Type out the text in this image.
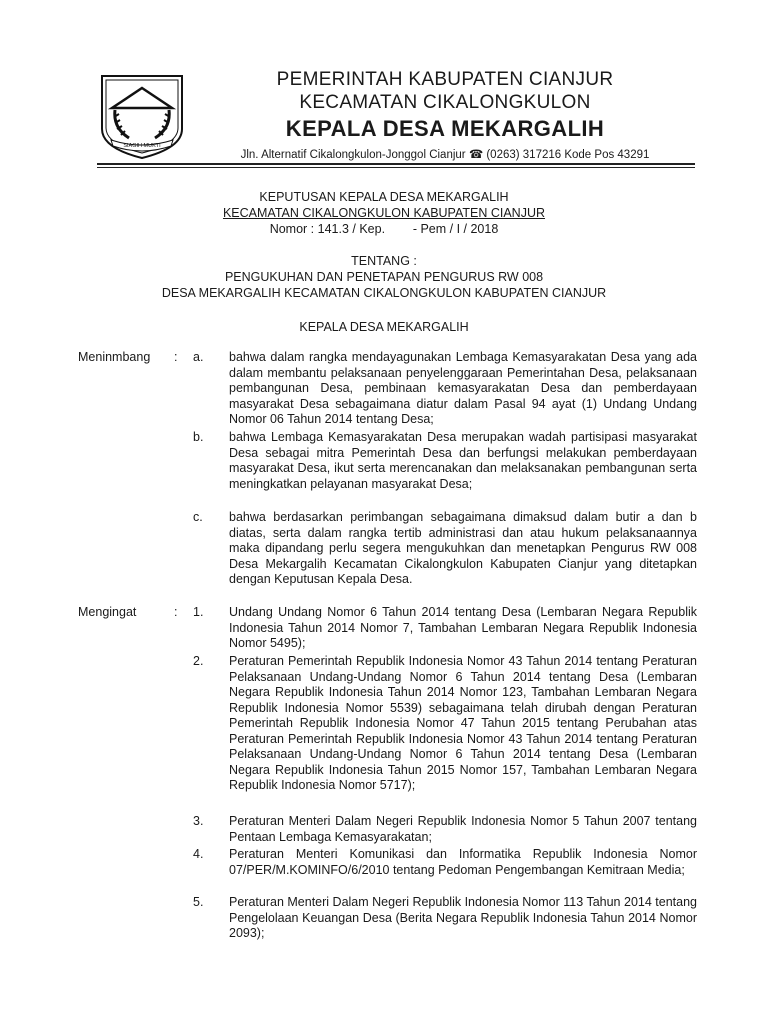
SIAGIH MUKTI
PEMERINTAH KABUPATEN CIANJUR
KECAMATAN CIKALONGKULON
KEPALA DESA MEKARGALIH
Jln. Alternatif Cikalongkulon-Jonggol Cianjur ☎ (0263) 317216 Kode Pos 43291
KEPUTUSAN KEPALA DESA MEKARGALIH
KECAMATAN CIKALONGKULON KABUPATEN CIANJUR
Nomor : 141.3 / Kep.        - Pem / I / 2018
TENTANG :
PENGUKUHAN DAN PENETAPAN PENGURUS RW 008
DESA MEKARGALIH KECAMATAN CIKALONGKULON KABUPATEN CIANJUR
KEPALA DESA MEKARGALIH
Meninmbang : a. bahwa dalam rangka mendayagunakan Lembaga Kemasyarakatan Desa yang ada dalam membantu pelaksanaan penyelenggaraan Pemerintahan Desa, pelaksanaan pembangunan Desa, pembinaan kemasyarakatan Desa dan pemberdayaan masyarakat Desa sebagaimana diatur dalam Pasal 94 ayat (1) Undang Undang Nomor 06 Tahun 2014 tentang Desa;
b. bahwa Lembaga Kemasyarakatan Desa merupakan wadah partisipasi masyarakat Desa sebagai mitra Pemerintah Desa dan berfungsi melakukan pemberdayaan masyarakat Desa, ikut serta merencanakan dan melaksanakan pembangunan serta meningkatkan pelayanan masyarakat Desa;
c. bahwa berdasarkan perimbangan sebagaimana dimaksud dalam butir a dan b diatas, serta dalam rangka tertib administrasi dan atau hukum pelaksanaannya maka dipandang perlu segera mengukuhkan dan menetapkan Pengurus RW 008 Desa Mekargalih Kecamatan Cikalongkulon Kabupaten Cianjur yang ditetapkan dengan Keputusan Kepala Desa.
Mengingat	: 1. Undang Undang Nomor 6 Tahun 2014 tentang Desa (Lembaran Negara Republik Indonesia Tahun 2014 Nomor 7, Tambahan Lembaran Negara Republik Indonesia Nomor 5495);
2. Peraturan Pemerintah Republik Indonesia Nomor 43 Tahun 2014 tentang Peraturan Pelaksanaan Undang-Undang Nomor 6 Tahun 2014 tentang Desa (Lembaran Negara Republik Indonesia Tahun 2014 Nomor 123, Tambahan Lembaran Negara Republik Indonesia Nomor 5539) sebagaimana telah dirubah dengan Peraturan Pemerintah Republik Indonesia Nomor 47 Tahun 2015 tentang Perubahan atas Peraturan Pemerintah Republik Indonesia Nomor 43 Tahun 2014 tentang Peraturan Pelaksanaan Undang-Undang Nomor 6 Tahun 2014 tentang Desa (Lembaran Negara Republik Indonesia Tahun 2015 Nomor 157, Tambahan Lembaran Negara Republik Indonesia Nomor 5717);
3. Peraturan Menteri Dalam Negeri Republik Indonesia Nomor 5 Tahun 2007 tentang Pentaan Lembaga Kemasyarakatan;
4. Peraturan Menteri Komunikasi dan Informatika Republik Indonesia Nomor 07/PER/M.KOMINFO/6/2010 tentang Pedoman Pengembangan Kemitraan Media;
5. Peraturan Menteri Dalam Negeri Republik Indonesia Nomor 113 Tahun 2014 tentang Pengelolaan Keuangan Desa (Berita Negara Republik Indonesia Tahun 2014 Nomor 2093);
